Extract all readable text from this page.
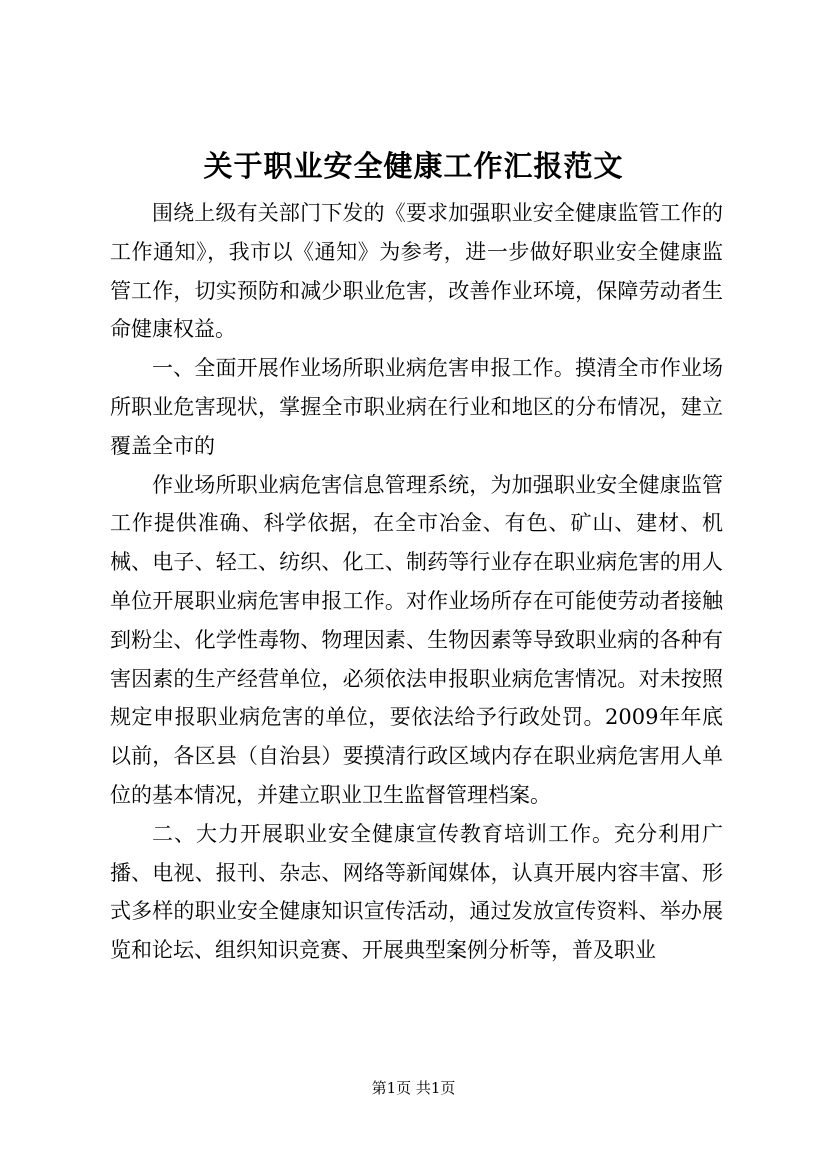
关于职业安全健康工作汇报范文

围绕上级有关部门下发的《要求加强职业安全健康监管工作的工作通知》，我市以《通知》为参考，进一步做好职业安全健康监管工作，切实预防和减少职业危害，改善作业环境，保障劳动者生命健康权益。

一、全面开展作业场所职业病危害申报工作。摸清全市作业场所职业危害现状，掌握全市职业病在行业和地区的分布情况，建立覆盖全市的

作业场所职业病危害信息管理系统，为加强职业安全健康监管工作提供准确、科学依据，在全市冶金、有色、矿山、建材、机械、电子、轻工、纺织、化工、制药等行业存在职业病危害的用人单位开展职业病危害申报工作。对作业场所存在可能使劳动者接触到粉尘、化学性毒物、物理因素、生物因素等导致职业病的各种有害因素的生产经营单位，必须依法申报职业病危害情况。对未按照规定申报职业病危害的单位，要依法给予行政处罚。2009年年底以前，各区县（自治县）要摸清行政区域内存在职业病危害用人单位的基本情况，并建立职业卫生监督管理档案。

二、大力开展职业安全健康宣传教育培训工作。充分利用广播、电视、报刊、杂志、网络等新闻媒体，认真开展内容丰富、形式多样的职业安全健康知识宣传活动，通过发放宣传资料、举办展览和论坛、组织知识竞赛、开展典型案例分析等，普及职业

第1页 共1页
